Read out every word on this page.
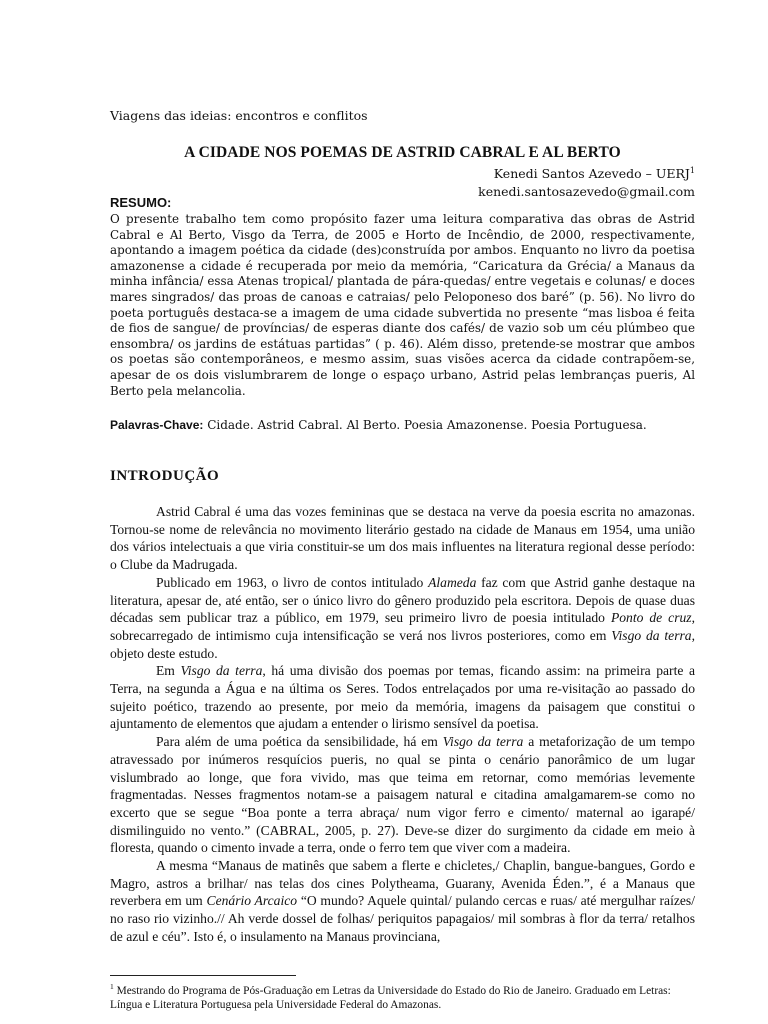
Viagens das ideias: encontros e conflitos
A CIDADE NOS POEMAS DE ASTRID CABRAL E AL BERTO
Kenedi Santos Azevedo – UERJ$^1$
kenedi.santosazevedo@gmail.com
RESUMO:
O presente trabalho tem como propósito fazer uma leitura comparativa das obras de Astrid Cabral e Al Berto, Visgo da Terra, de 2005 e Horto de Incêndio, de 2000, respectivamente, apontando a imagem poética da cidade (des)construída por ambos. Enquanto no livro da poetisa amazonense a cidade é recuperada por meio da memória, “Caricatura da Grécia/ a Manaus da minha infância/ essa Atenas tropical/ plantada de pára-quedas/ entre vegetais e colunas/ e doces mares singrados/ das proas de canoas e catraias/ pelo Peloponeso dos baré” (p. 56). No livro do poeta português destaca-se a imagem de uma cidade subvertida no presente “mas lisboa é feita de fios de sangue/ de províncias/ de esperas diante dos cafés/ de vazio sob um céu plúmbeo que ensombra/ os jardins de estátuas partidas” ( p. 46). Além disso, pretende-se mostrar que ambos os poetas são contemporâneos, e mesmo assim, suas visões acerca da cidade contrapõem-se, apesar de os dois vislumbrarem de longe o espaço urbano, Astrid pelas lembranças pueris, Al Berto pela melancolia.
Palavras-Chave: Cidade. Astrid Cabral. Al Berto. Poesia Amazonense. Poesia Portuguesa.
INTRODUÇÃO

Astrid Cabral é uma das vozes femininas que se destaca na verve da poesia escrita no amazonas. Tornou-se nome de relevância no movimento literário gestado na cidade de Manaus em 1954, uma união dos vários intelectuais a que viria constituir-se um dos mais influentes na literatura regional desse período: o Clube da Madrugada.

Publicado em 1963, o livro de contos intitulado Alameda faz com que Astrid ganhe destaque na literatura, apesar de, até então, ser o único livro do gênero produzido pela escritora. Depois de quase duas décadas sem publicar traz a público, em 1979, seu primeiro livro de poesia intitulado Ponto de cruz, sobrecarregado de intimismo cuja intensificação se verá nos livros posteriores, como em Visgo da terra, objeto deste estudo.

Em Visgo da terra, há uma divisão dos poemas por temas, ficando assim: na primeira parte a Terra, na segunda a Água e na última os Seres. Todos entrelaçados por uma re-visitação ao passado do sujeito poético, trazendo ao presente, por meio da memória, imagens da paisagem que constitui o ajuntamento de elementos que ajudam a entender o lirismo sensível da poetisa.

Para além de uma poética da sensibilidade, há em Visgo da terra a metaforização de um tempo atravessado por inúmeros resquícios pueris, no qual se pinta o cenário panorâmico de um lugar vislumbrado ao longe, que fora vivido, mas que teima em retornar, como memórias levemente fragmentadas. Nesses fragmentos notam-se a paisagem natural e citadina amalgamarem-se como no excerto que se segue “Boa ponte a terra abraça/ num vigor ferro e cimento/ maternal ao igarapé/ dismilinguido no vento.” (CABRAL, 2005, p. 27). Deve-se dizer do surgimento da cidade em meio à floresta, quando o cimento invade a terra, onde o ferro tem que viver com a madeira.

A mesma “Manaus de matinês que sabem a flerte e chicletes,/ Chaplin, bangue-bangues, Gordo e Magro, astros a brilhar/ nas telas dos cines Polytheama, Guarany, Avenida Éden.”, é a Manaus que reverbera em um Cenário Arcaico “O mundo? Aquele quintal/ pulando cercas e ruas/ até mergulhar raízes/ no raso rio vizinho.// Ah verde dossel de folhas/ periquitos papagaios/ mil sombras à flor da terra/ retalhos de azul e céu”. Isto é, o insulamento na Manaus provinciana,

$^1$ Mestrando do Programa de Pós-Graduação em Letras da Universidade do Estado do Rio de Janeiro. Graduado em Letras: Língua e Literatura Portuguesa pela Universidade Federal do Amazonas.
